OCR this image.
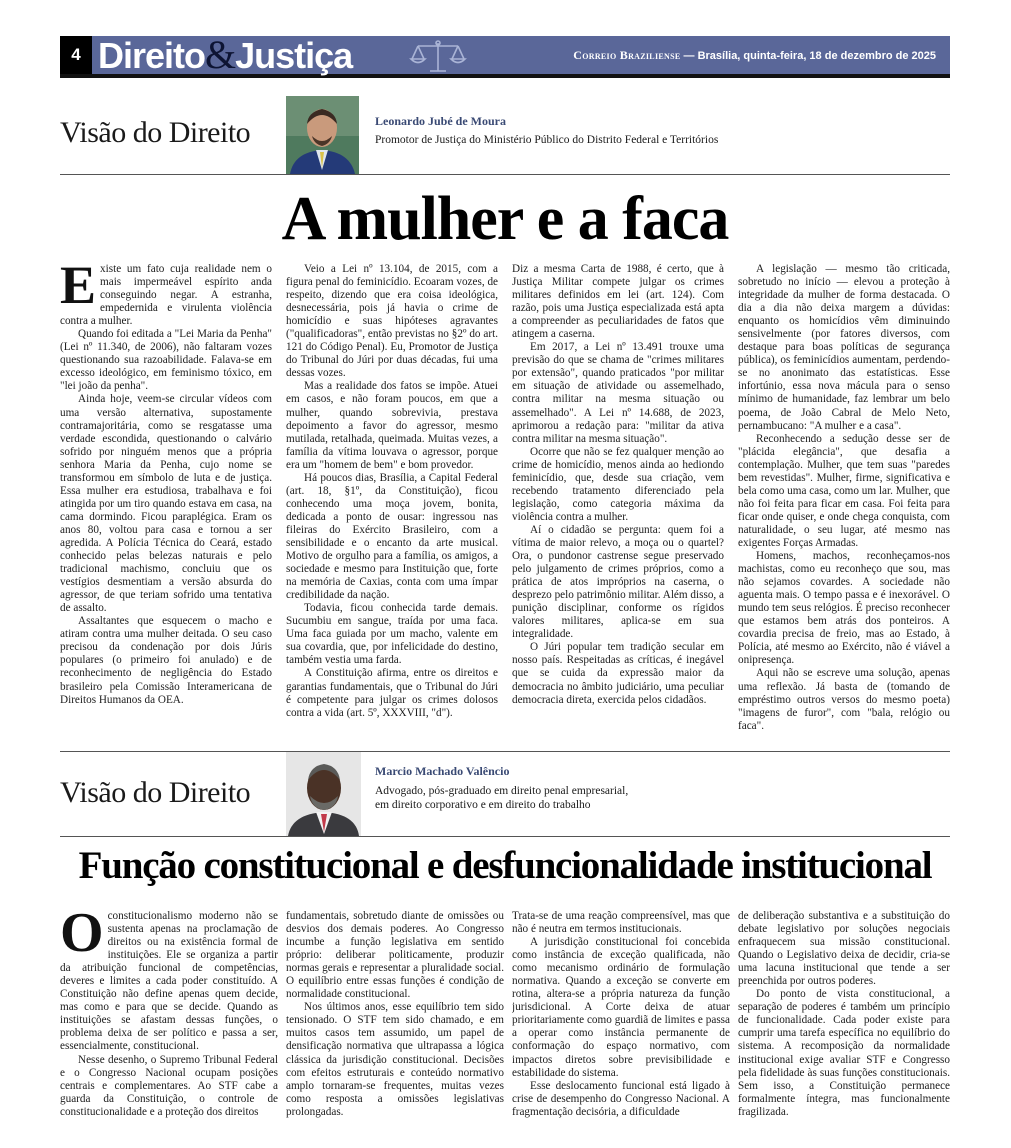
4 Direito&Justiça	Correio Braziliense — Brasília, quinta-feira, 18 de dezembro de 2025
Visão do Direito	Leonardo Jubé de Moura
Promotor de Justiça do Ministério Público do Distrito Federal e Territórios
A mulher e a faca
E xiste um fato cuja realidade nem o mais impermeável espírito anda conseguindo negar. A estranha, empedernida e virulenta violência contra a mulher.

Quando foi editada a "Lei Maria da Penha" (Lei nº 11.340, de 2006), não faltaram vozes questionando sua razoabilidade. Falava-se em excesso ideológico, em feminismo tóxico, em "lei joão da penha".

Ainda hoje, veem-se circular vídeos com uma versão alternativa, supostamente contramajoritária, como se resgatasse uma verdade escondida, questionando o calvário sofrido por ninguém menos que a própria senhora Maria da Penha, cujo nome se transformou em símbolo de luta e de justiça. Essa mulher era estudiosa, trabalhava e foi atingida por um tiro quando estava em casa, na cama dormindo. Ficou paraplégica. Eram os anos 80, voltou para casa e tornou a ser agredida. A Polícia Técnica do Ceará, estado conhecido pelas belezas naturais e pelo tradicional machismo, concluiu que os vestígios desmentiam a versão absurda do agressor, de que teriam sofrido uma tentativa de assalto.

Assaltantes que esquecem o macho e atiram contra uma mulher deitada. O seu caso precisou da condenação por dois Júris populares (o primeiro foi anulado) e de reconhecimento de negligência do Estado brasileiro pela Comissão Interamericana de Direitos Humanos da OEA.

Veio a Lei nº 13.104, de 2015, com a figura penal do feminicídio. Ecoaram vozes, de respeito, dizendo que era coisa ideológica, desnecessária, pois já havia o crime de homicídio e suas hipóteses agravantes ("qualificadoras", então previstas no §2º do art. 121 do Código Penal). Eu, Promotor de Justiça do Tribunal do Júri por duas décadas, fui uma dessas vozes.

Mas a realidade dos fatos se impõe. Atuei em casos, e não foram poucos, em que a mulher, quando sobrevivia, prestava depoimento a favor do agressor, mesmo mutilada, retalhada, queimada. Muitas vezes, a família da vítima louvava o agressor, porque era um "homem de bem" e bom provedor.

Há poucos dias, Brasília, a Capital Federal (art. 18, §1º, da Constituição), ficou conhecendo uma moça jovem, bonita, dedicada a ponto de ousar: ingressou nas fileiras do Exército Brasileiro, com a sensibilidade e o encanto da arte musical. Motivo de orgulho para a família, os amigos, a sociedade e mesmo para Instituição que, forte na memória de Caxias, conta com uma ímpar credibilidade da nação.

Todavia, ficou conhecida tarde demais. Sucumbiu em sangue, traída por uma faca. Uma faca guiada por um macho, valente em sua covardia, que, por infelicidade do destino, também vestia uma farda.

A Constituição afirma, entre os direitos e garantias fundamentais, que o Tribunal do Júri é competente para julgar os crimes dolosos contra a vida (art. 5º, XXXVIII, "d").

Diz a mesma Carta de 1988, é certo, que à Justiça Militar compete julgar os crimes militares definidos em lei (art. 124). Com razão, pois uma Justiça especializada está apta a compreender as peculiaridades de fatos que atingem a caserna.

Em 2017, a Lei nº 13.491 trouxe uma previsão do que se chama de "crimes militares por extensão", quando praticados "por militar em situação de atividade ou assemelhado, contra militar na mesma situação ou assemelhado". A Lei nº 14.688, de 2023, aprimorou a redação para: "militar da ativa contra militar na mesma situação".

Ocorre que não se fez qualquer menção ao crime de homicídio, menos ainda ao hediondo feminicídio, que, desde sua criação, vem recebendo tratamento diferenciado pela legislação, como categoria máxima da violência contra a mulher.

Aí o cidadão se pergunta: quem foi a vítima de maior relevo, a moça ou o quartel? Ora, o pundonor castrense segue preservado pelo julgamento de crimes próprios, como a prática de atos impróprios na caserna, o desprezo pelo patrimônio militar. Além disso, a punição disciplinar, conforme os rígidos valores militares, aplica-se em sua integralidade.

O Júri popular tem tradição secular em nosso país. Respeitadas as críticas, é inegável que se cuida da expressão maior da democracia no âmbito judiciário, uma peculiar democracia direta, exercida pelos cidadãos.

A legislação — mesmo tão criticada, sobretudo no início — elevou a proteção à integridade da mulher de forma destacada. O dia a dia não deixa margem a dúvidas: enquanto os homicídios vêm diminuindo sensivelmente (por fatores diversos, com destaque para boas políticas de segurança pública), os feminicídios aumentam, perdendo-se no anonimato das estatísticas. Esse infortúnio, essa nova mácula para o senso mínimo de humanidade, faz lembrar um belo poema, de João Cabral de Melo Neto, pernambucano: "A mulher e a casa".

Reconhecendo a sedução desse ser de "plácida elegância", que desafia a contemplação. Mulher, que tem suas "paredes bem revestidas". Mulher, firme, significativa e bela como uma casa, como um lar. Mulher, que não foi feita para ficar em casa. Foi feita para ficar onde quiser, e onde chega conquista, com naturalidade, o seu lugar, até mesmo nas exigentes Forças Armadas.

Homens, machos, reconheçamos-nos machistas, como eu reconheço que sou, mas não sejamos covardes. A sociedade não aguenta mais. O tempo passa e é inexorável. O mundo tem seus relógios. É preciso reconhecer que estamos bem atrás dos ponteiros. A covardia precisa de freio, mas ao Estado, à Polícia, até mesmo ao Exército, não é viável a onipresença.

Aqui não se escreve uma solução, apenas uma reflexão. Já basta de (tomando de empréstimo outros versos do mesmo poeta) "imagens de furor", com "bala, relógio ou faca".

Visão do Direito
Marcio Machado Valêncio
Advogado, pós-graduado em direito penal empresarial,
em direito corporativo e em direito do trabalho
Função constitucional e desfuncionalidade institucional
O constitucionalismo moderno não se sustenta apenas na proclamação de direitos ou na existência formal de instituições. Ele se organiza a partir da atribuição funcional de competências, deveres e limites a cada poder constituído. A Constituição não define apenas quem decide, mas como e para que se decide. Quando as instituições se afastam dessas funções, o problema deixa de ser político e passa a ser, essencialmente, constitucional.

Nesse desenho, o Supremo Tribunal Federal e o Congresso Nacional ocupam posições centrais e complementares. Ao STF cabe a guarda da Constituição, o controle de constitucionalidade e a proteção dos direitos

fundamentais, sobretudo diante de omissões ou desvios dos demais poderes. Ao Congresso incumbe a função legislativa em sentido próprio: deliberar politicamente, produzir normas gerais e representar a pluralidade social. O equilíbrio entre essas funções é condição de normalidade constitucional.

Nos últimos anos, esse equilíbrio tem sido tensionado. O STF tem sido chamado, e em muitos casos tem assumido, um papel de densificação normativa que ultrapassa a lógica clássica da jurisdição constitucional. Decisões com efeitos estruturais e conteúdo normativo amplo tornaram-se frequentes, muitas vezes como resposta a omissões legislativas prolongadas.

Trata-se de uma reação compreensível, mas que não é neutra em termos institucionais.

A jurisdição constitucional foi concebida como instância de exceção qualificada, não como mecanismo ordinário de formulação normativa. Quando a exceção se converte em rotina, altera-se a própria natureza da função jurisdicional. A Corte deixa de atuar prioritariamente como guardiã de limites e passa a operar como instância permanente de conformação do espaço normativo, com impactos diretos sobre previsibilidade e estabilidade do sistema.

Esse deslocamento funcional está ligado à crise de desempenho do Congresso Nacional. A fragmentação decisória, a dificuldade

de deliberação substantiva e a substituição do debate legislativo por soluções negociais enfraquecem sua missão constitucional. Quando o Legislativo deixa de decidir, cria-se uma lacuna institucional que tende a ser preenchida por outros poderes.

Do ponto de vista constitucional, a separação de poderes é também um princípio de funcionalidade. Cada poder existe para cumprir uma tarefa específica no equilíbrio do sistema. A recomposição da normalidade institucional exige avaliar STF e Congresso pela fidelidade às suas funções constitucionais. Sem isso, a Constituição permanece formalmente íntegra, mas funcionalmente fragilizada.
